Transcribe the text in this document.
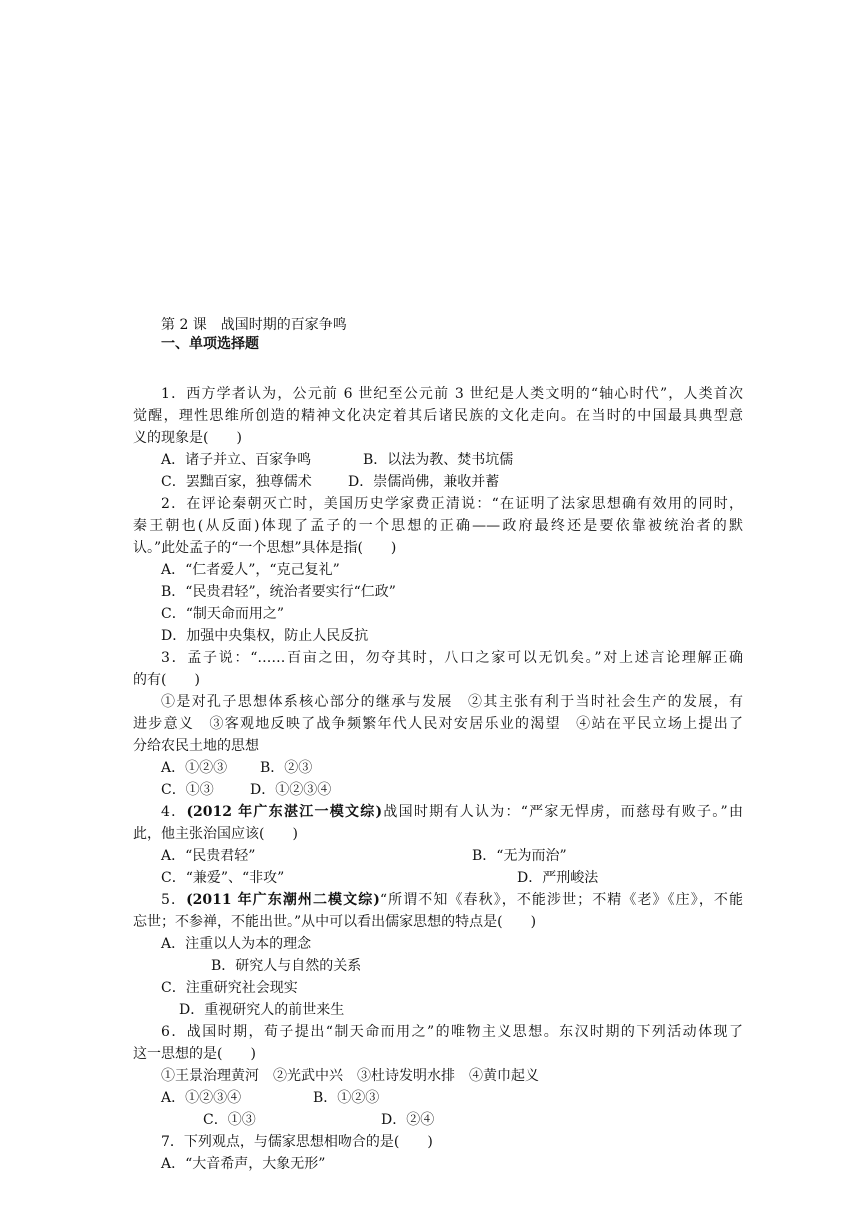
第 2 课　战国时期的百家争鸣
一、单项选择题
1．西方学者认为，公元前 6 世纪至公元前 3 世纪是人类文明的“轴心时代”，人类首次
觉醒，理性思维所创造的精神文化决定着其后诸民族的文化走向。在当时的中国最具典型意
义的现象是(　　)
A．诸子并立、百家争鸣	B．以法为教、焚书坑儒
C．罢黜百家，独尊儒术	D．崇儒尚佛，兼收并蓄
2．在评论秦朝灭亡时，美国历史学家费正清说：“在证明了法家思想确有效用的同时，
秦王朝也(从反面)体现了孟子的一个思想的正确——政府最终还是要依靠被统治者的默
认。”此处孟子的“一个思想”具体是指(　　)
A．“仁者爱人”，“克己复礼”
B．“民贵君轻”，统治者要实行“仁政”
C．“制天命而用之”
D．加强中央集权，防止人民反抗
3．孟子说：“……百亩之田，勿夺其时，八口之家可以无饥矣。”对上述言论理解正确
的有(　　)
①是对孔子思想体系核心部分的继承与发展　②其主张有利于当时社会生产的发展，有
进步意义　③客观地反映了战争频繁年代人民对安居乐业的渴望　④站在平民立场上提出了
分给农民土地的思想
A．①②③ B．②③
C．①③	D．①②③④
4．(2012 年广东湛江一模文综)战国时期有人认为：“严家无悍虏，而慈母有败子。”由
此，他主张治国应该(　　)
A．“民贵君轻”	B．“无为而治”
C．“兼爱”、“非攻”	D．严刑峻法
5．(2011 年广东潮州二模文综)“所谓不知《春秋》，不能涉世；不精《老》《庄》，不能
忘世；不参禅，不能出世。”从中可以看出儒家思想的特点是(　　)
A．注重以人为本的理念
B．研究人与自然的关系
C．注重研究社会现实
D．重视研究人的前世来生
6．战国时期，荀子提出“制天命而用之”的唯物主义思想。东汉时期的下列活动体现了
这一思想的是(　　)
①王景治理黄河　②光武中兴　③杜诗发明水排　④黄巾起义
A．①②③④	B．①②③
C．①③	D．②④
7．下列观点，与儒家思想相吻合的是(　　)
A．“大音希声，大象无形”
